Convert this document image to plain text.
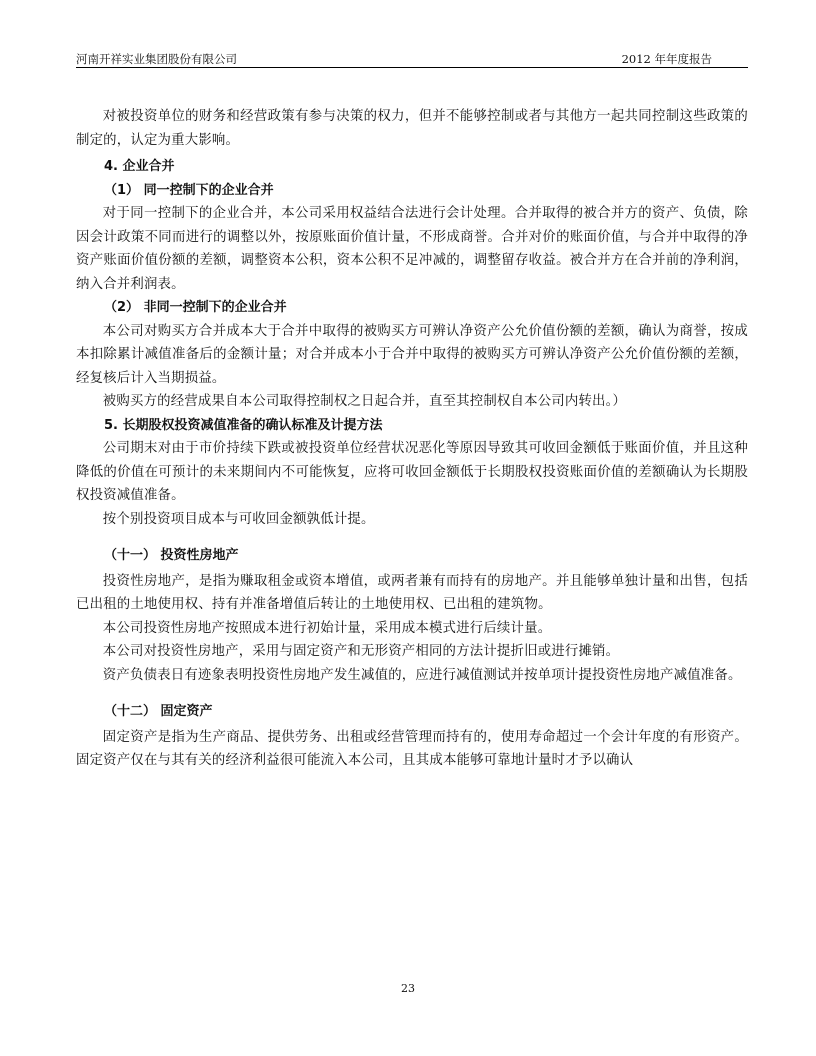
河南开祥实业集团股份有限公司	2012 年年度报告

对被投资单位的财务和经营政策有参与决策的权力，但并不能够控制或者与其他方一起共同控制这些政策的制定的，认定为重大影响。

4. 企业合并

（1） 同一控制下的企业合并

对于同一控制下的企业合并，本公司采用权益结合法进行会计处理。合并取得的被合并方的资产、负债，除因会计政策不同而进行的调整以外，按原账面价值计量，不形成商誉。合并对价的账面价值，与合并中取得的净资产账面价值份额的差额，调整资本公积，资本公积不足冲减的，调整留存收益。被合并方在合并前的净利润，纳入合并利润表。

（2） 非同一控制下的企业合并

本公司对购买方合并成本大于合并中取得的被购买方可辨认净资产公允价值份额的差额，确认为商誉，按成本扣除累计减值准备后的金额计量；对合并成本小于合并中取得的被购买方可辨认净资产公允价值份额的差额，经复核后计入当期损益。

被购买方的经营成果自本公司取得控制权之日起合并，直至其控制权自本公司内转出。）

5. 长期股权投资减值准备的确认标准及计提方法

公司期末对由于市价持续下跌或被投资单位经营状况恶化等原因导致其可收回金额低于账面价值，并且这种降低的价值在可预计的未来期间内不可能恢复，应将可收回金额低于长期股权投资账面价值的差额确认为长期股权投资减值准备。

按个别投资项目成本与可收回金额孰低计提。

（十一） 投资性房地产

投资性房地产，是指为赚取租金或资本增值，或两者兼有而持有的房地产。并且能够单独计量和出售，包括已出租的土地使用权、持有并准备增值后转让的土地使用权、已出租的建筑物。

本公司投资性房地产按照成本进行初始计量，采用成本模式进行后续计量。

本公司对投资性房地产，采用与固定资产和无形资产相同的方法计提折旧或进行摊销。

资产负债表日有迹象表明投资性房地产发生减值的，应进行减值测试并按单项计提投资性房地产减值准备。

（十二） 固定资产

固定资产是指为生产商品、提供劳务、出租或经营管理而持有的，使用寿命超过一个会计年度的有形资产。固定资产仅在与其有关的经济利益很可能流入本公司，且其成本能够可靠地计量时才予以确认

23
